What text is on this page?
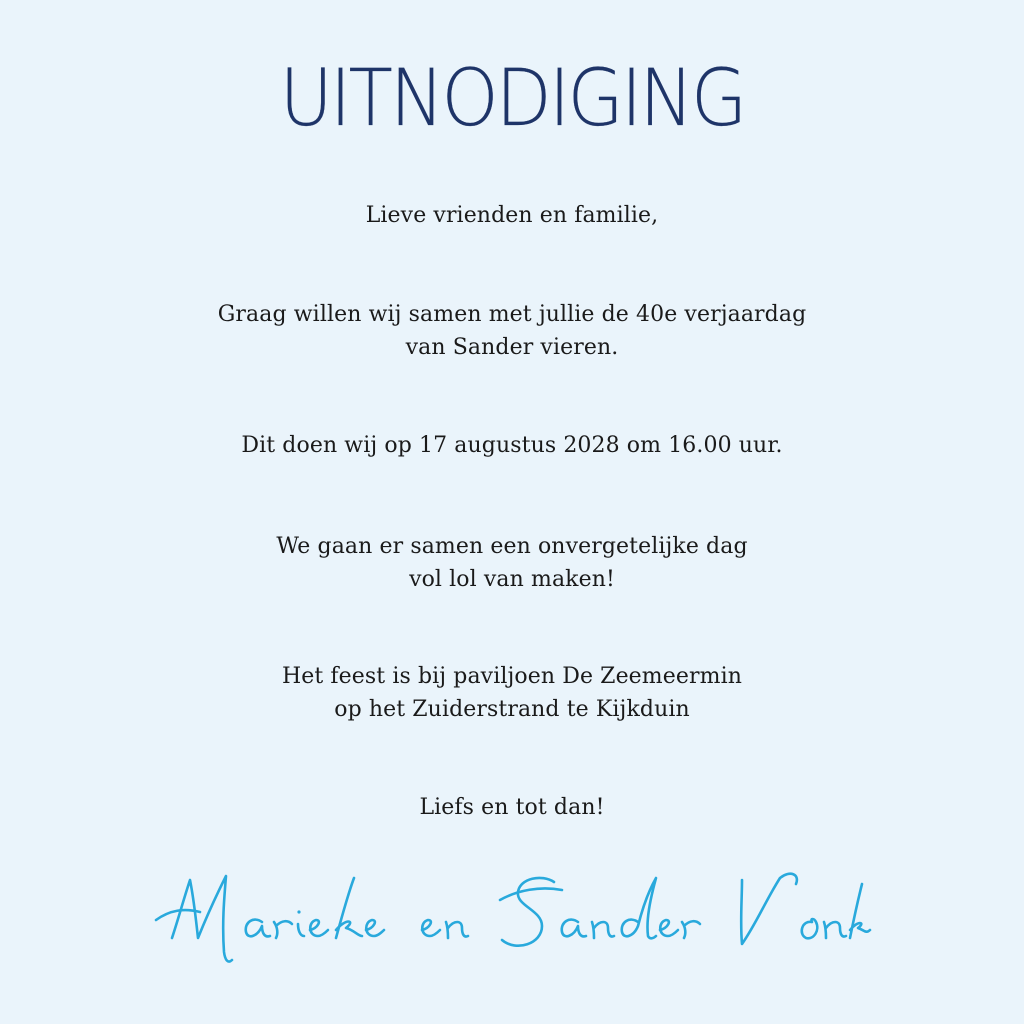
UITNODIGING
Lieve vrienden en familie,
Graag willen wij samen met jullie de 40e verjaardag
van Sander vieren.
Dit doen wij op 17 augustus 2028 om 16.00 uur.
We gaan er samen een onvergetelijke dag
vol lol van maken!
Het feest is bij paviljoen De Zeemeermin
op het Zuiderstrand te Kijkduin
Liefs en tot dan!
